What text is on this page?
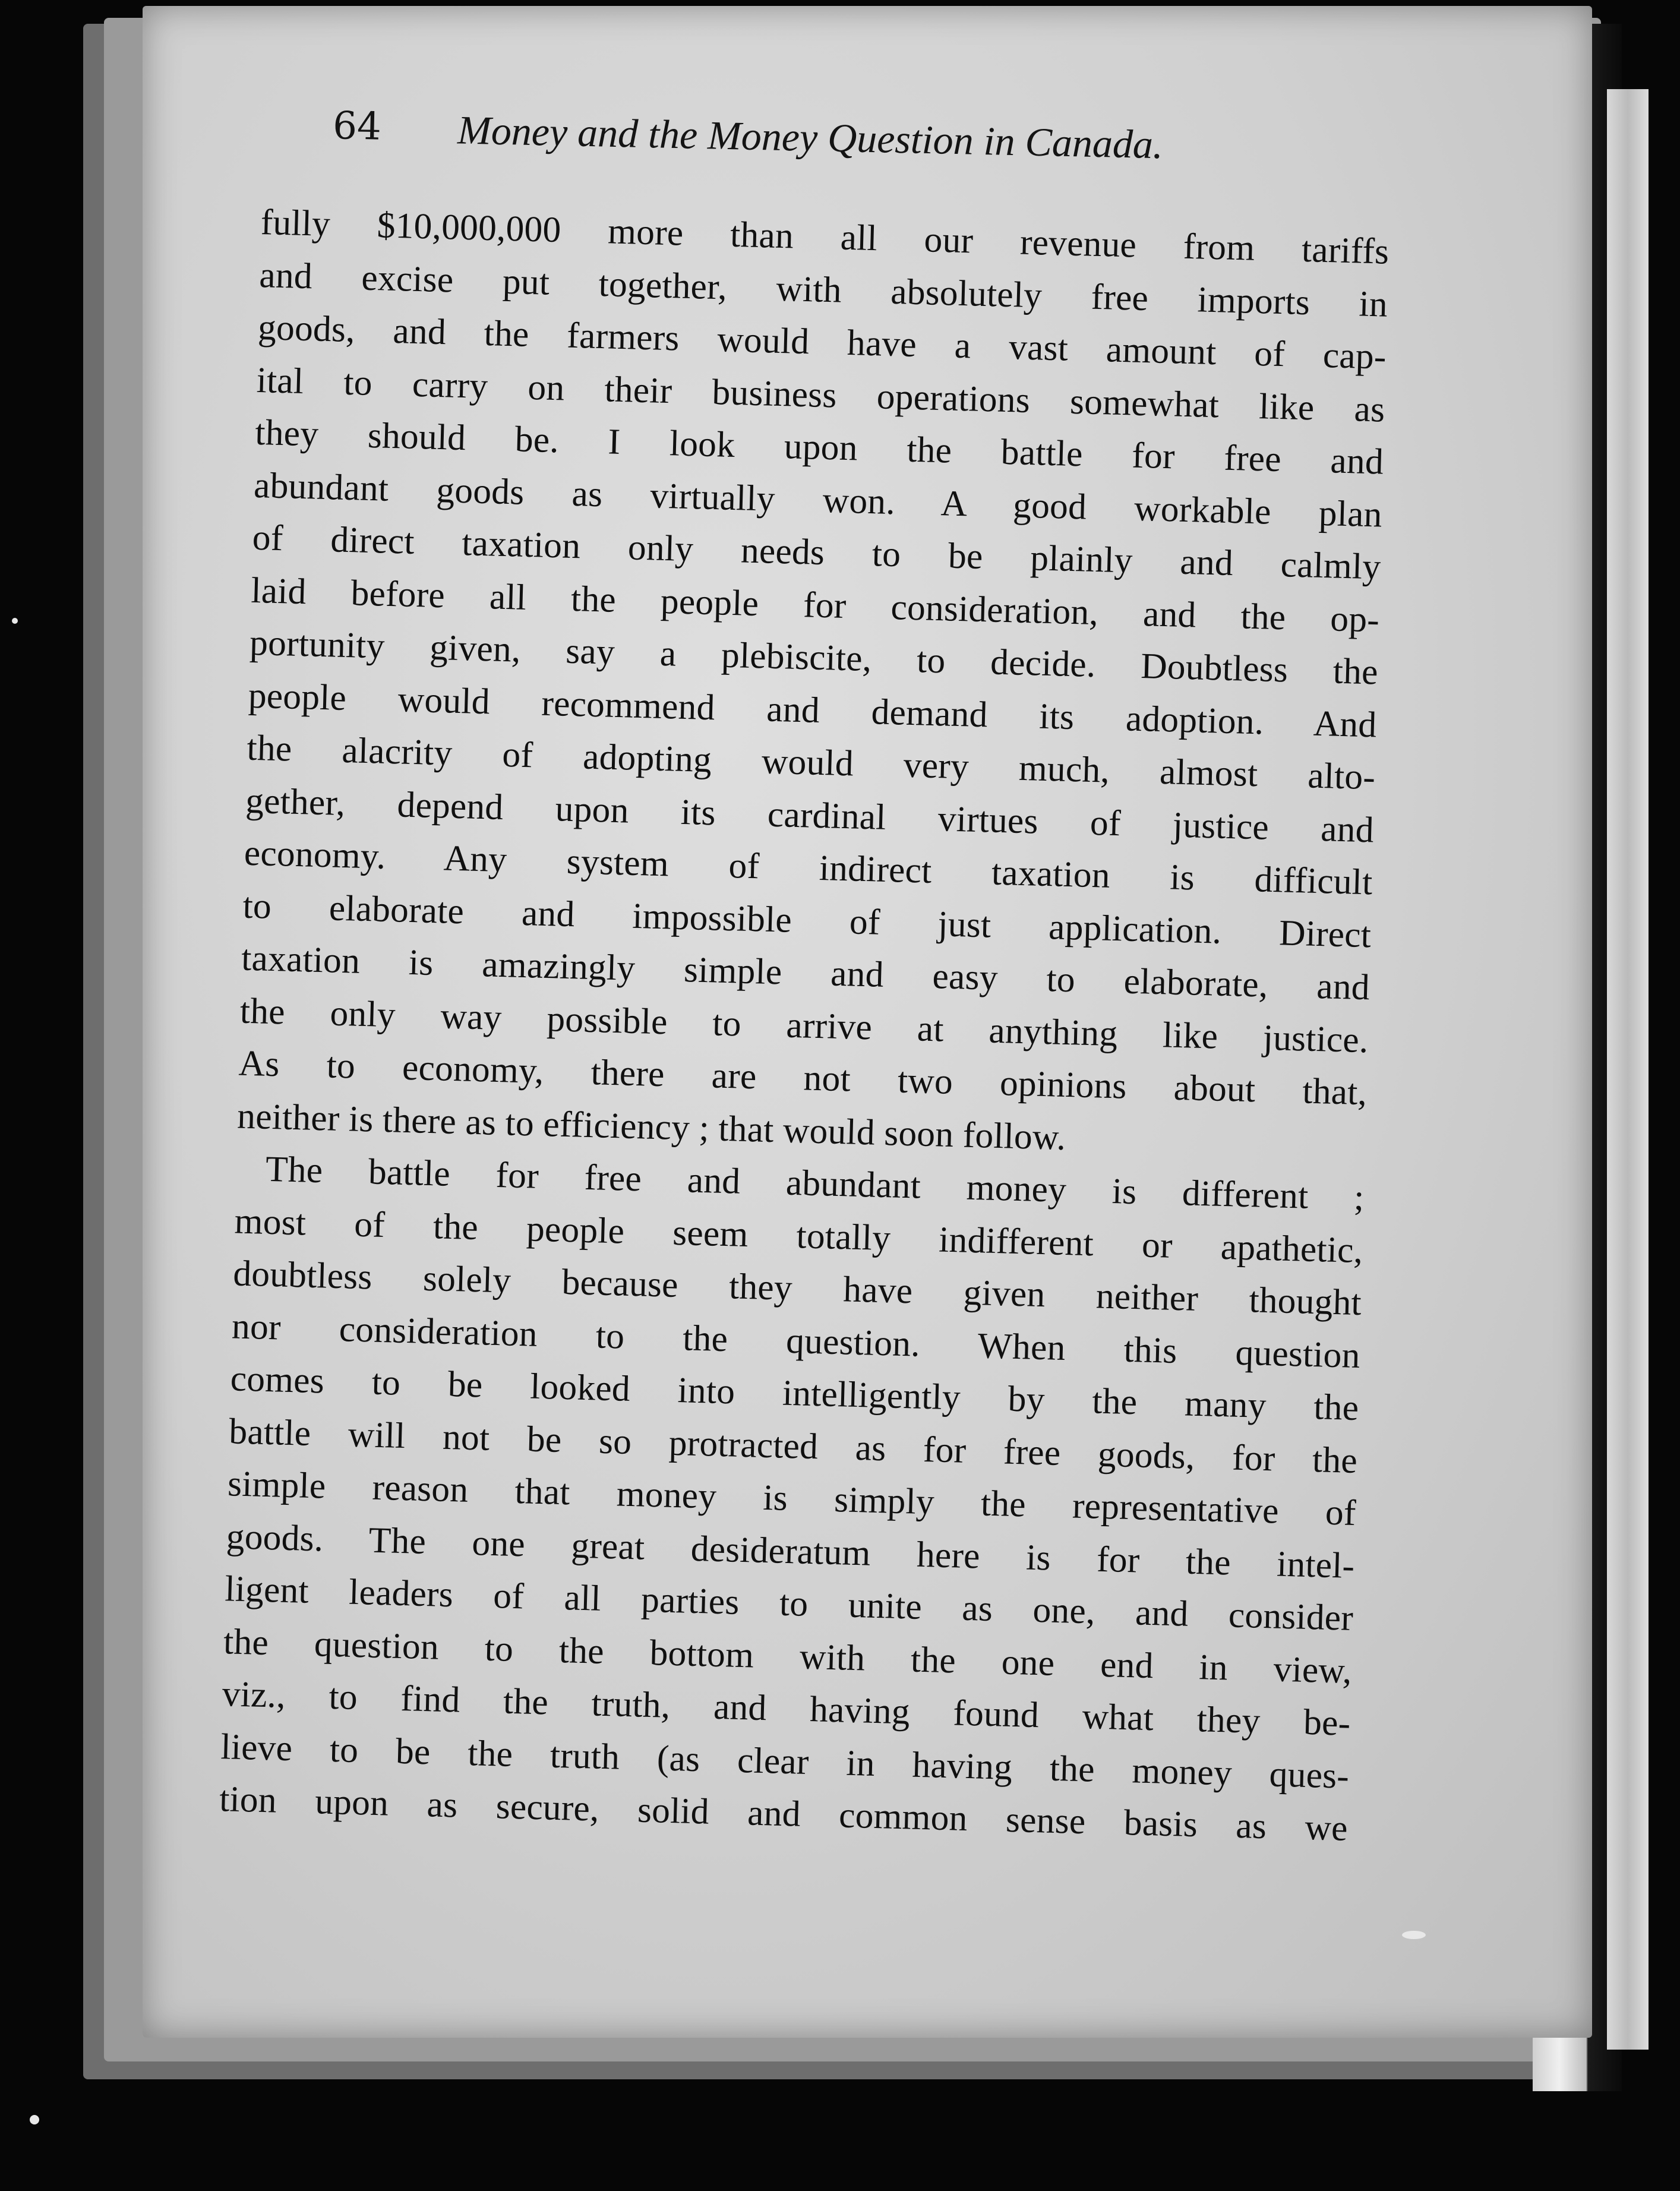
64 Money and the Money Question in Canada.
fully $10,000,000 more than all our revenue from tariffs
and excise put together, with absolutely free imports in
goods, and the farmers would have a vast amount of cap-
ital to carry on their business operations somewhat like as
they should be. I look upon the battle for free and
abundant goods as virtually won. A good workable plan
of direct taxation only needs to be plainly and calmly
laid before all the people for consideration, and the op-
portunity given, say a plebiscite, to decide. Doubtless the
people would recommend and demand its adoption. And
the alacrity of adopting would very much, almost alto-
gether, depend upon its cardinal virtues of justice and
economy. Any system of indirect taxation is difficult
to elaborate and impossible of just application. Direct
taxation is amazingly simple and easy to elaborate, and
the only way possible to arrive at anything like justice.
As to economy, there are not two opinions about that,
neither is there as to efficiency ; that would soon follow.
The battle for free and abundant money is different ;
most of the people seem totally indifferent or apathetic,
doubtless solely because they have given neither thought
nor consideration to the question. When this question
comes to be looked into intelligently by the many the
battle will not be so protracted as for free goods, for the
simple reason that money is simply the representative of
goods. The one great desideratum here is for the intel-
ligent leaders of all parties to unite as one, and consider
the question to the bottom with the one end in view,
viz., to find the truth, and having found what they be-
lieve to be the truth (as clear in having the money ques-
tion upon as secure, solid and common sense basis as we
